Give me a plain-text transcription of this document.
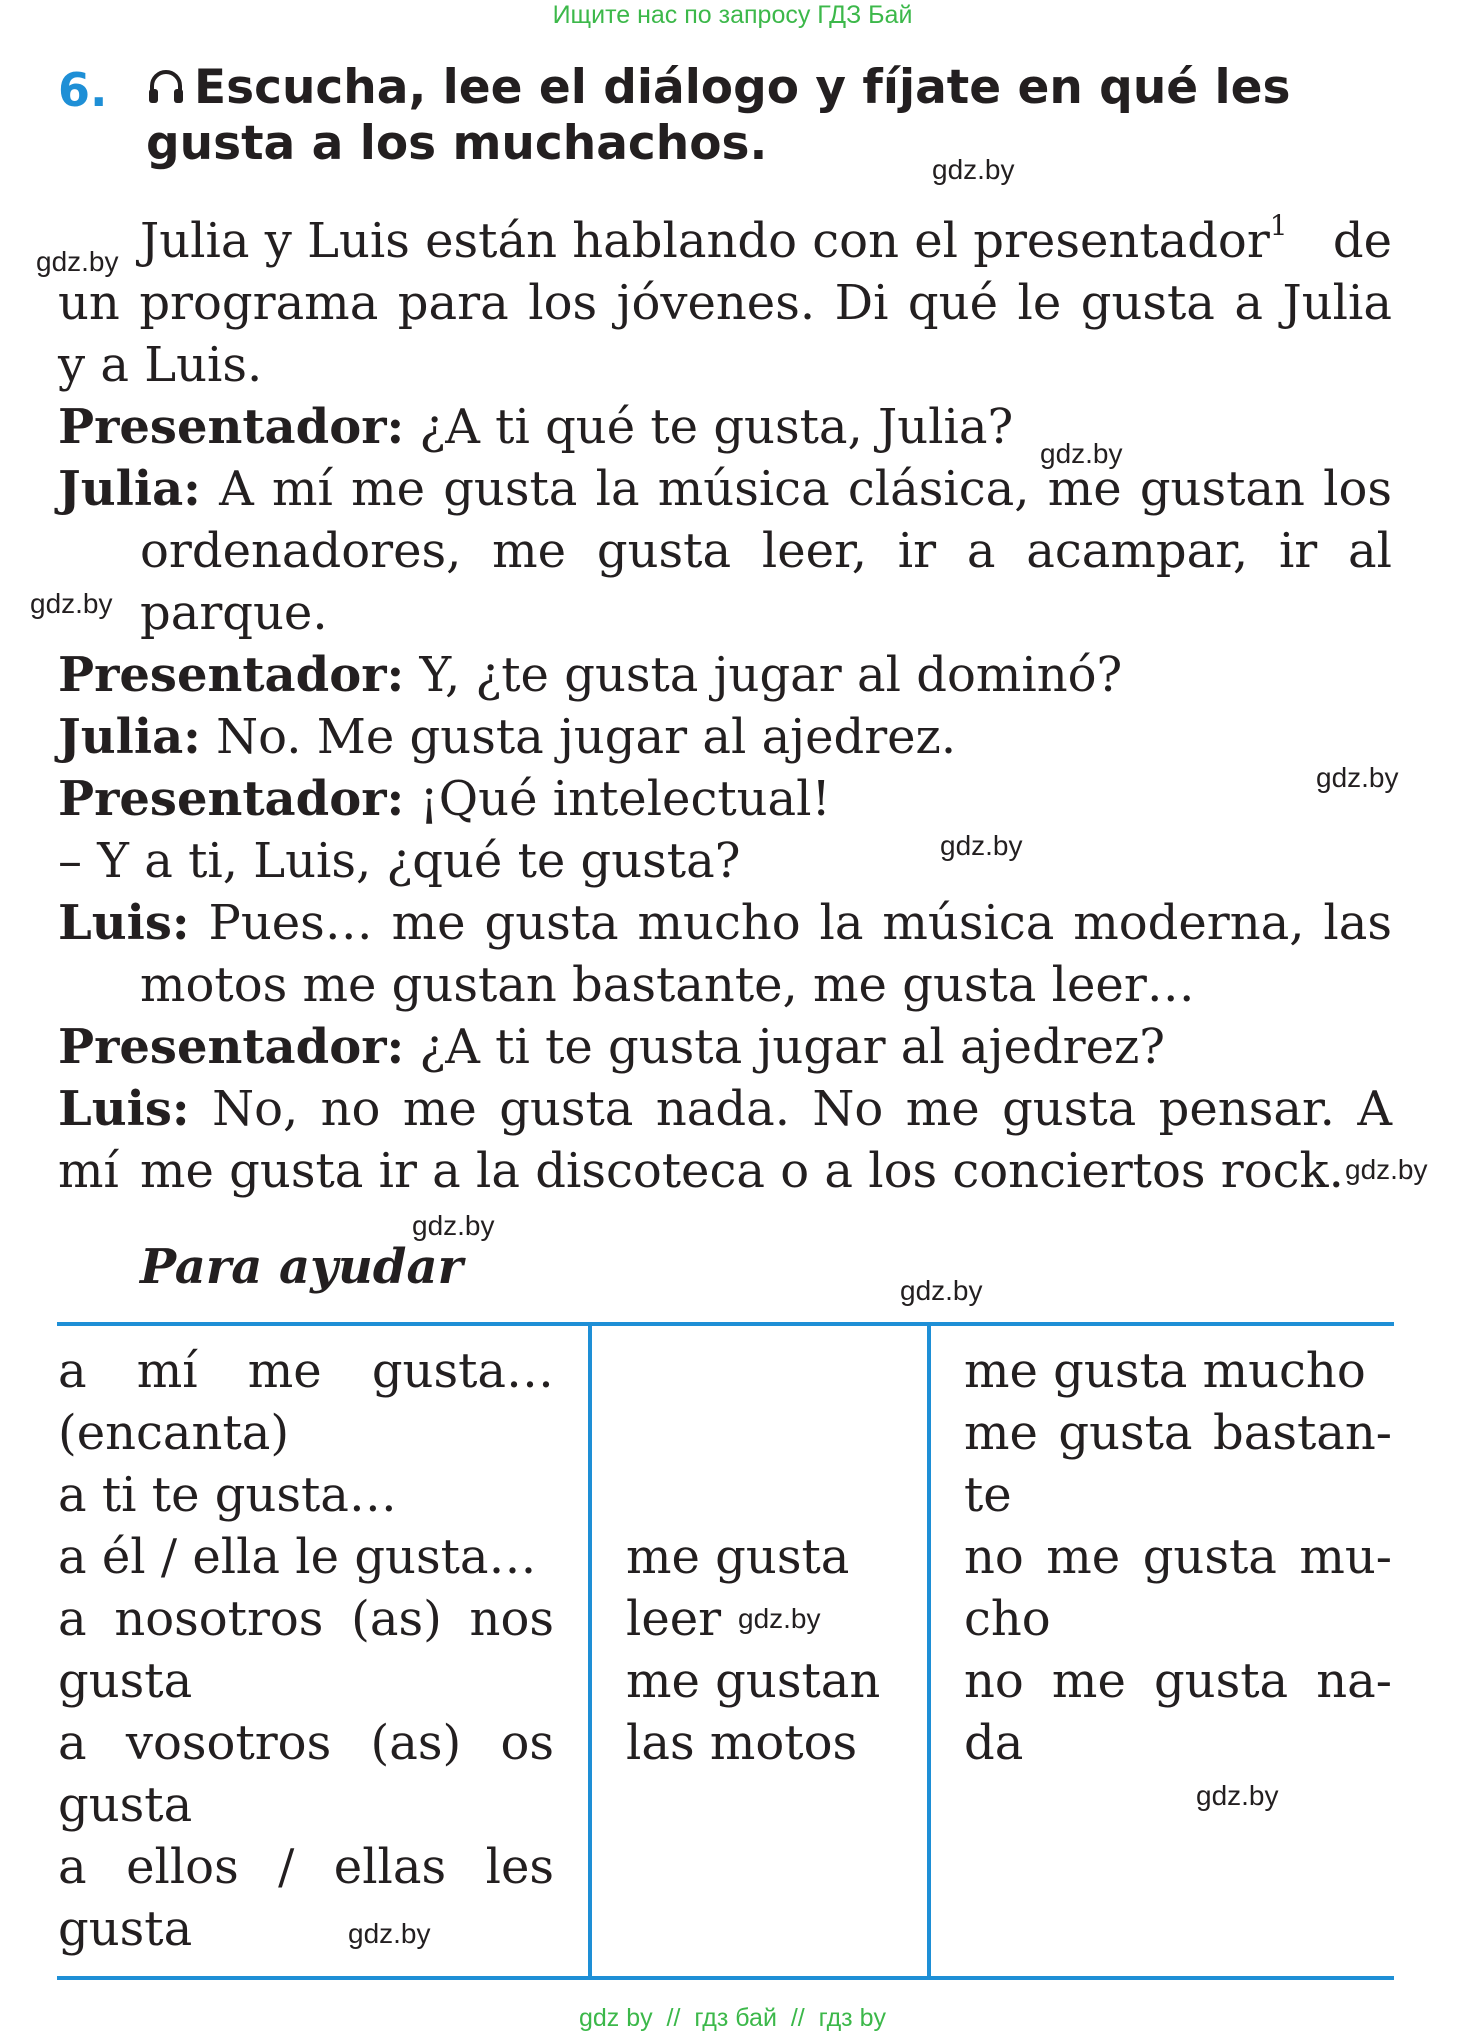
Ищите нас по запросу ГДЗ Бай
6.	Escucha, lee el diálogo y fíjate en qué les gusta a los muchachos.
Julia y Luis están hablando con el presentador$^1$ de
un programa para los jóvenes. Di qué le gusta a Julia
y a Luis.
Presentador: ¿A ti qué te gusta, Julia?
Julia: A mí me gusta la música clásica, me gustan los
ordenadores, me gusta leer, ir a acampar, ir al
parque.
Presentador: Y, ¿te gusta jugar al dominó?
Julia: No. Me gusta jugar al ajedrez.
Presentador: ¡Qué intelectual!
– Y a ti, Luis, ¿qué te gusta?
Luis: Pues… me gusta mucho la música moderna, las
motos me gustan bastante, me gusta leer…
Presentador: ¿A ti te gusta jugar al ajedrez?
Luis: No, no me gusta nada. No me gusta pensar. A mí me gusta ir a la discoteca o a los conciertos rock.
Para ayudar
a mí me gusta…
(encanta)
a ti te gusta…
a él / ella le gusta…
a nosotros (as) nos
gusta
a vosotros (as) os
gusta
a ellos / ellas les
gusta
me gusta
leer
me gustan
las motos
me gusta mucho
me gusta bastan-
te
no me gusta mu-
cho
no me gusta na-
da
gdz.by
gdz.by
gdz.by
gdz.by
gdz.by
gdz.by
gdz.by
gdz.by
gdz.by
gdz.by
gdz.by
gdz.by
gdz by  //  гдз бай  //  гдз by
